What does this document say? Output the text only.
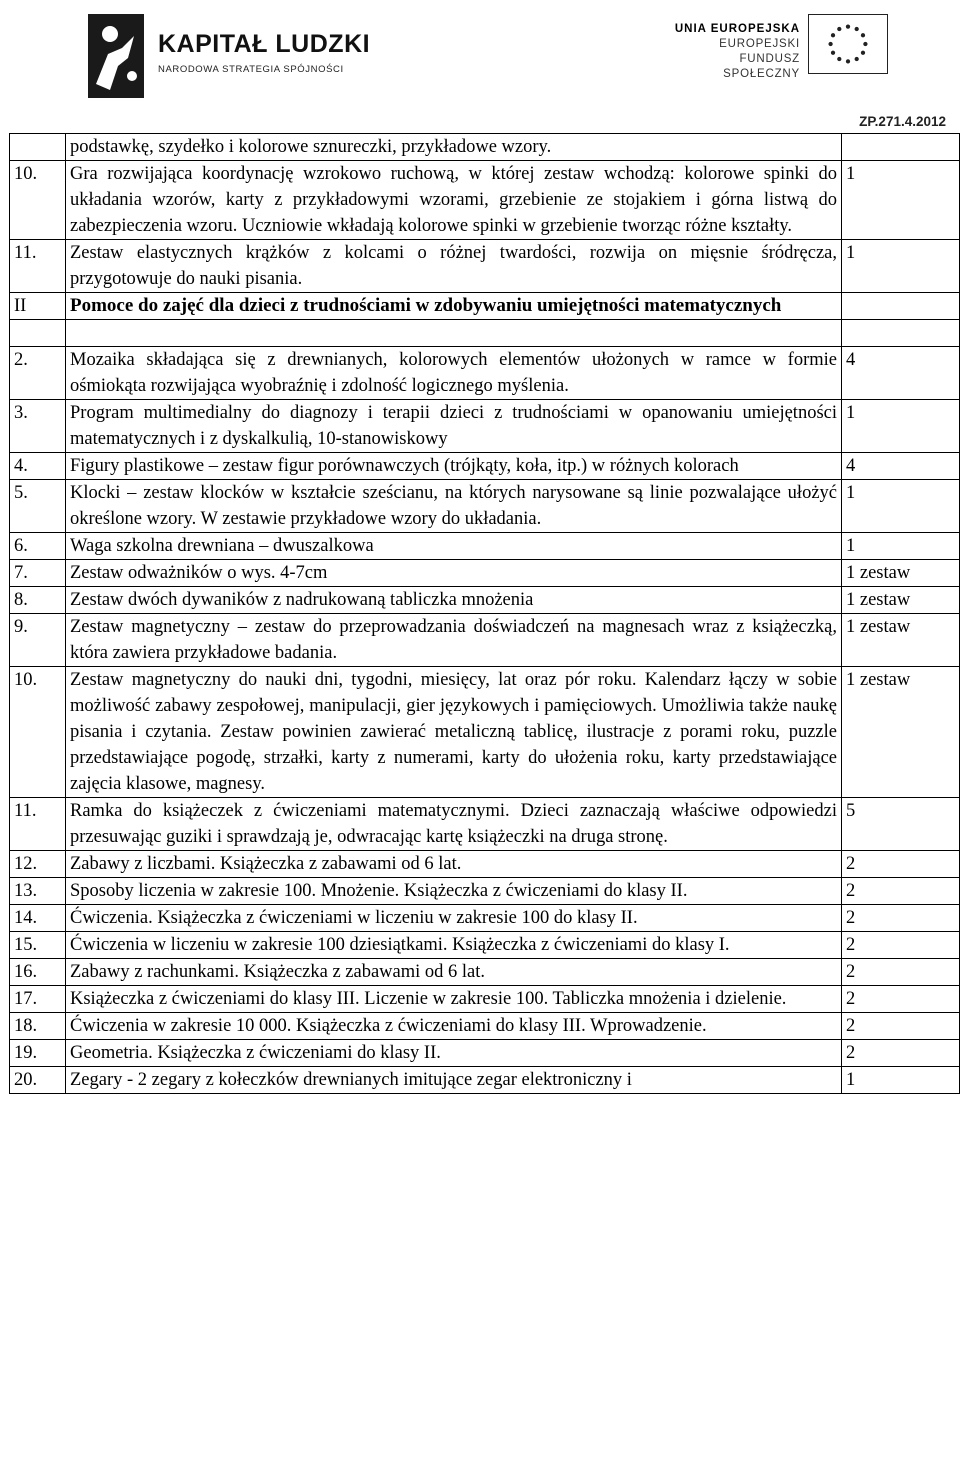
KAPITAŁ LUDZKI
NARODOWA STRATEGIA SPÓJNOŚCI
UNIA EUROPEJSKA
EUROPEJSKI
FUNDUSZ SPOŁECZNY
ZP.271.4.2012
	podstawkę, szydełko i kolorowe sznureczki, przykładowe wzory.	
10.	Gra rozwijająca koordynację wzrokowo ruchową, w której zestaw wchodzą: kolorowe spinki do układania wzorów, karty z przykładowymi wzorami, grzebienie ze stojakiem i górna listwą do zabezpieczenia wzoru. Uczniowie wkładają kolorowe spinki w grzebienie tworząc różne kształty.	1
11.	Zestaw elastycznych krążków z kolcami o różnej twardości, rozwija on mięsnie śródręcza, przygotowuje do nauki pisania.	1
II	Pomoce do zajęć dla dzieci z trudnościami w zdobywaniu umiejętności matematycznych	

2.	Mozaika składająca się z drewnianych, kolorowych elementów ułożonych w ramce w formie ośmiokąta rozwijająca wyobraźnię i zdolność logicznego myślenia.	4
3.	Program multimedialny do diagnozy i terapii dzieci z trudnościami w opanowaniu umiejętności matematycznych i z dyskalkulią, 10-stanowiskowy	1
4.	Figury plastikowe – zestaw figur porównawczych (trójkąty, koła, itp.) w różnych kolorach	4
5.	Klocki – zestaw klocków w kształcie sześcianu, na których narysowane są linie pozwalające ułożyć określone wzory. W zestawie przykładowe wzory do układania.	1
6.	Waga szkolna drewniana – dwuszalkowa	1
7.	Zestaw odważników o wys. 4-7cm	1 zestaw
8.	Zestaw dwóch dywaników z nadrukowaną tabliczka mnożenia	1 zestaw
9.	Zestaw magnetyczny – zestaw do przeprowadzania doświadczeń na magnesach wraz z książeczką, która zawiera przykładowe badania.	1 zestaw
10.	Zestaw magnetyczny do nauki dni, tygodni, miesięcy, lat oraz pór roku. Kalendarz łączy w sobie możliwość zabawy zespołowej, manipulacji, gier językowych i pamięciowych. Umożliwia także naukę pisania i czytania. Zestaw powinien zawierać metaliczną tablicę, ilustracje z porami roku, puzzle przedstawiające pogodę, strzałki, karty z numerami, karty do ułożenia roku, karty przedstawiające zajęcia klasowe, magnesy.	1 zestaw
11.	Ramka do książeczek z ćwiczeniami matematycznymi. Dzieci zaznaczają właściwe odpowiedzi przesuwając guziki i sprawdzają je, odwracając kartę książeczki na druga stronę.	5
12.	Zabawy z liczbami. Książeczka z zabawami od 6 lat.	2
13.	Sposoby liczenia w zakresie 100. Mnożenie. Książeczka z ćwiczeniami do klasy II.	2
14.	Ćwiczenia. Książeczka z ćwiczeniami w liczeniu w zakresie 100 do klasy II.	2
15.	Ćwiczenia w liczeniu w zakresie 100 dziesiątkami. Książeczka z ćwiczeniami do klasy I.	2
16.	Zabawy z rachunkami. Książeczka z zabawami od 6 lat.	2
17.	Książeczka z ćwiczeniami do klasy III. Liczenie w zakresie 100. Tabliczka mnożenia i dzielenie.	2
18.	Ćwiczenia w zakresie 10 000. Książeczka z ćwiczeniami do klasy III. Wprowadzenie.	2
19.	Geometria. Książeczka z ćwiczeniami do klasy II.	2
20.	Zegary - 2 zegary z kołeczków drewnianych imitujące zegar elektroniczny i	1
